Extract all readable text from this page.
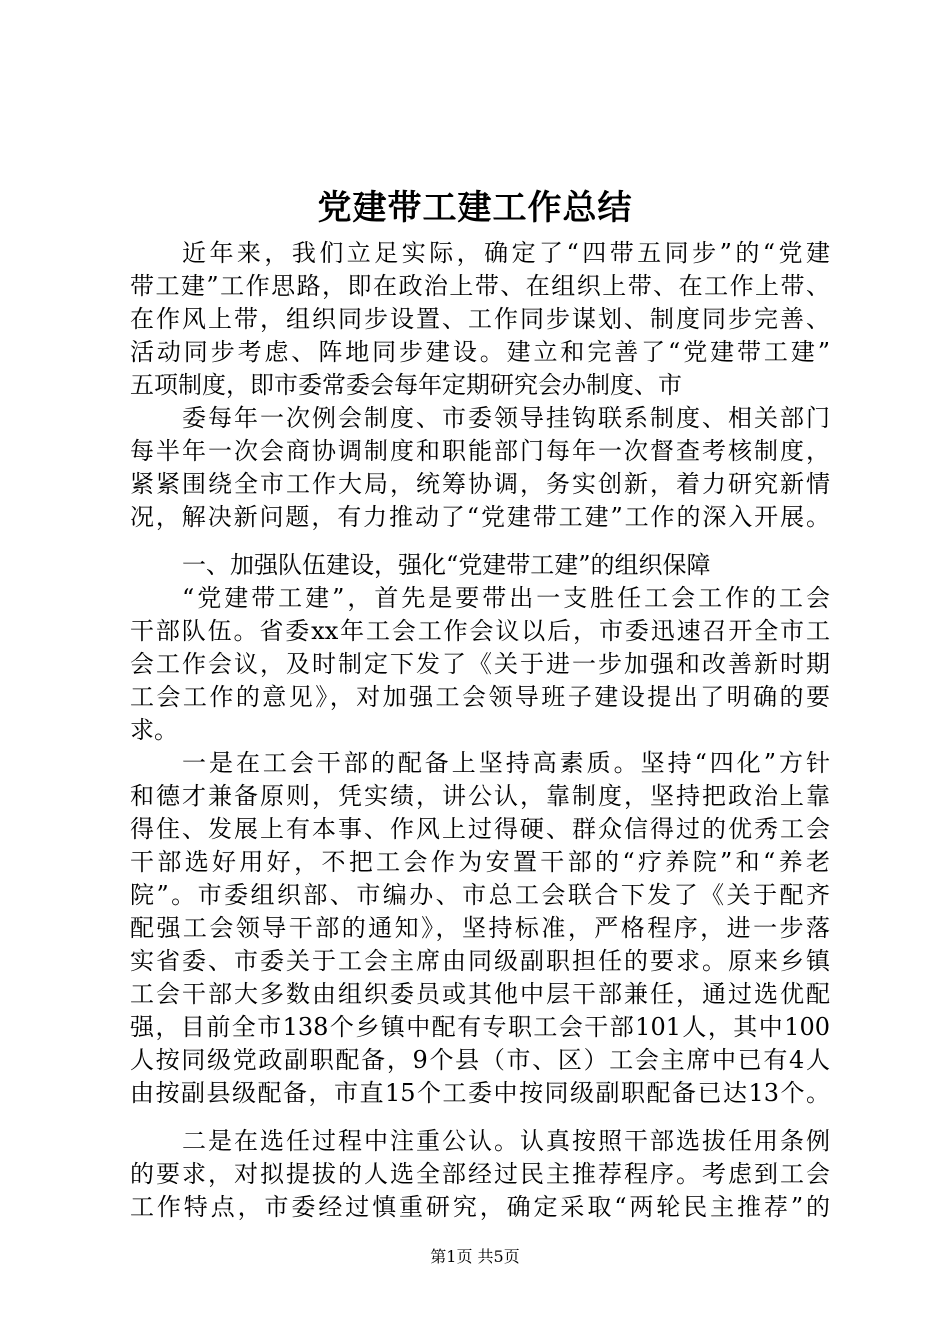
党建带工建工作总结
近年来，我们立足实际，确定了“四带五同步”的“党建
带工建”工作思路，即在政治上带、在组织上带、在工作上带、
在作风上带，组织同步设置、工作同步谋划、制度同步完善、
活动同步考虑、阵地同步建设。建立和完善了“党建带工建”
五项制度，即市委常委会每年定期研究会办制度、市
委每年一次例会制度、市委领导挂钩联系制度、相关部门
每半年一次会商协调制度和职能部门每年一次督查考核制度，
紧紧围绕全市工作大局，统筹协调，务实创新，着力研究新情
况，解决新问题，有力推动了“党建带工建”工作的深入开展。
一、加强队伍建设，强化“党建带工建”的组织保障
“党建带工建”，首先是要带出一支胜任工会工作的工会
干部队伍。省委xx年工会工作会议以后，市委迅速召开全市工
会工作会议，及时制定下发了《关于进一步加强和改善新时期
工会工作的意见》，对加强工会领导班子建设提出了明确的要
求。
一是在工会干部的配备上坚持高素质。坚持“四化”方针
和德才兼备原则，凭实绩，讲公认，靠制度，坚持把政治上靠
得住、发展上有本事、作风上过得硬、群众信得过的优秀工会
干部选好用好，不把工会作为安置干部的“疗养院”和“养老
院”。市委组织部、市编办、市总工会联合下发了《关于配齐
配强工会领导干部的通知》，坚持标准，严格程序，进一步落
实省委、市委关于工会主席由同级副职担任的要求。原来乡镇
工会干部大多数由组织委员或其他中层干部兼任，通过选优配
强，目前全市138个乡镇中配有专职工会干部101人，其中100
人按同级党政副职配备，9个县（市、区）工会主席中已有4人
由按副县级配备，市直15个工委中按同级副职配备已达13个。
二是在选任过程中注重公认。认真按照干部选拔任用条例
的要求，对拟提拔的人选全部经过民主推荐程序。考虑到工会
工作特点，市委经过慎重研究，确定采取“两轮民主推荐”的
第1页 共5页
